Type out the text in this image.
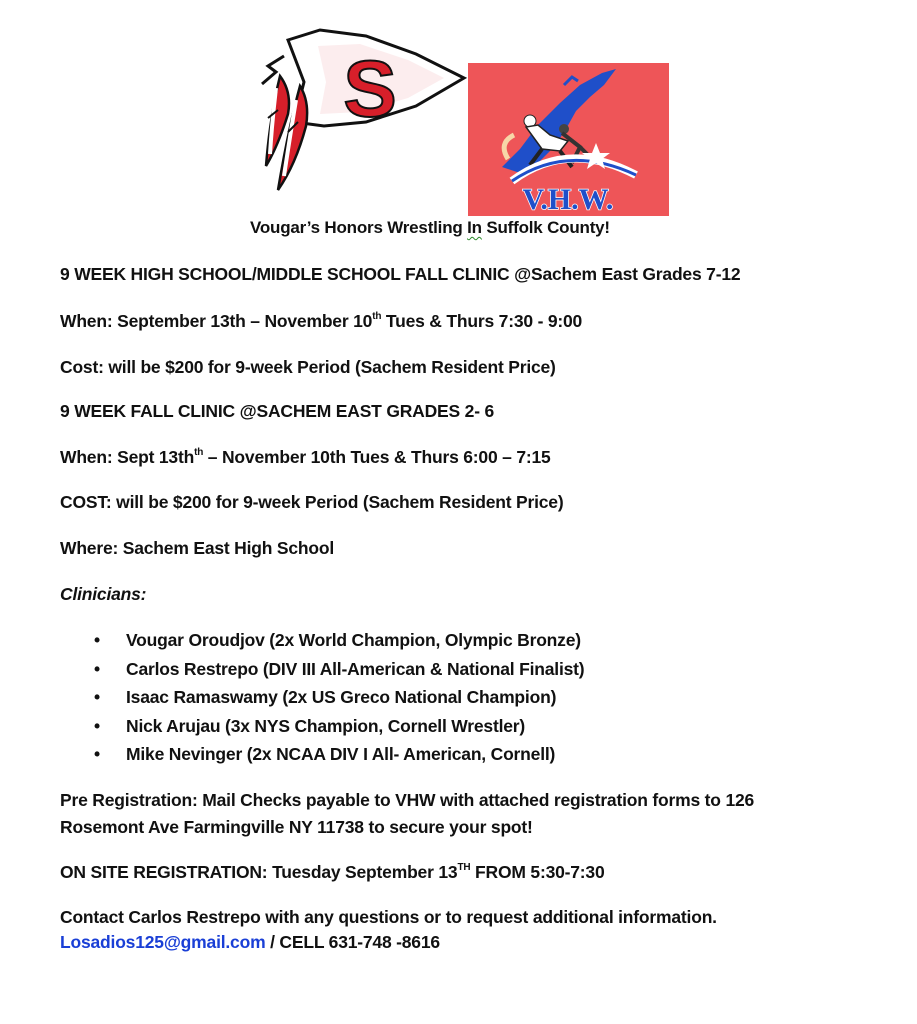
S
V.H.W.
Vougar’s Honors Wrestling In Suffolk County!
9 WEEK HIGH SCHOOL/MIDDLE SCHOOL FALL CLINIC @Sachem East Grades 7-12
When: September 13th – November 10th Tues & Thurs 7:30 - 9:00
Cost: will be $200 for 9-week Period (Sachem Resident Price)
9 WEEK FALL CLINIC @SACHEM EAST GRADES 2- 6
When: Sept $13th^{th}$ – November 10th Tues & Thurs 6:00 – 7:15
COST: will be $200 for 9-week Period (Sachem Resident Price)
Where: Sachem East High School
Clinicians:
• Vougar Oroudjov (2x World Champion, Olympic Bronze)
• Carlos Restrepo (DIV III All-American & National Finalist)
• Isaac Ramaswamy (2x US Greco National Champion)
• Nick Arujau (3x NYS Champion, Cornell Wrestler)
• Mike Nevinger (2x NCAA DIV I All- American, Cornell)
Pre Registration: Mail Checks payable to VHW with attached registration forms to 126
Rosemont Ave Farmingville NY 11738 to secure your spot!
ON SITE REGISTRATION: Tuesday September 13TH FROM 5:30-7:30
Contact Carlos Restrepo with any questions or to request additional information.
Losadios125@gmail.com / CELL 631-748 -8616
